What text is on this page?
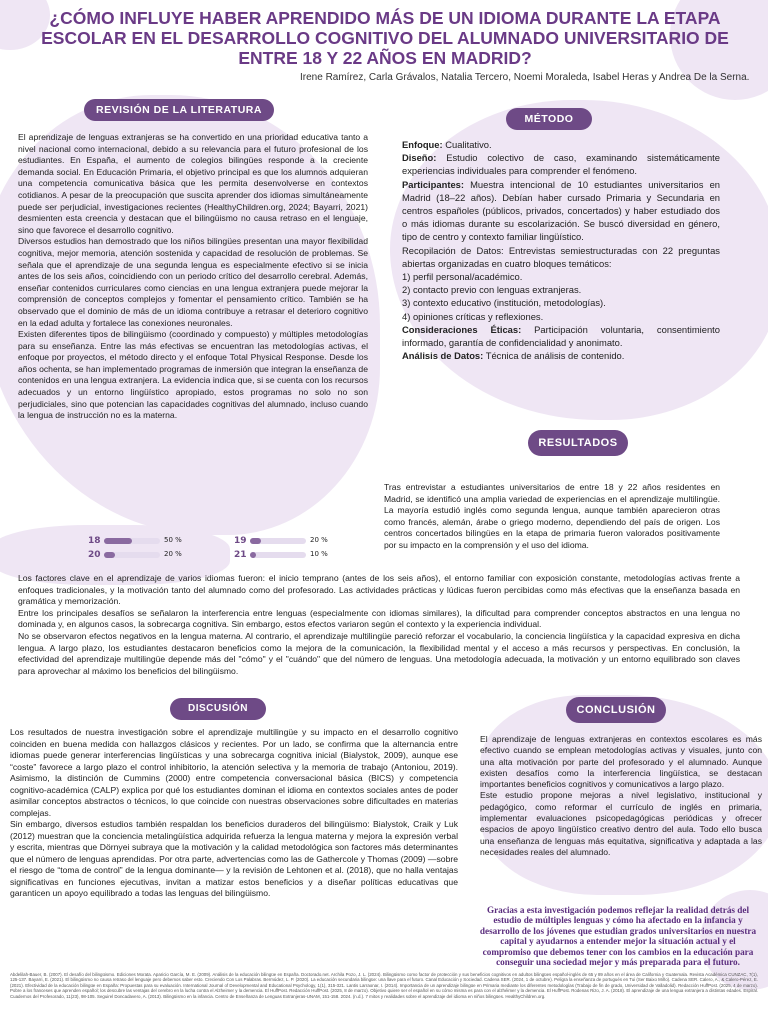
¿CÓMO INFLUYE HABER APRENDIDO MÁS DE UN IDIOMA DURANTE LA ETAPA ESCOLAR EN EL DESARROLLO COGNITIVO DEL ALUMNADO UNIVERSITARIO DE ENTRE 18 Y 22 AÑOS EN MADRID?
Irene Ramírez, Carla Grávalos, Natalia Tercero, Noemi Moraleda, Isabel Heras y Andrea De la Serna.
REVISIÓN DE LA LITERATURA

El aprendizaje de lenguas extranjeras se ha convertido en una prioridad educativa tanto a nivel nacional como internacional, debido a su relevancia para el futuro profesional de los estudiantes. En España, el aumento de colegios bilingües responde a la creciente demanda social. En Educación Primaria, el objetivo principal es que los alumnos adquieran una competencia comunicativa básica que les permita desenvolverse en contextos cotidianos. A pesar de la preocupación que suscita aprender dos idiomas simultáneamente puede ser perjudicial, investigaciones recientes (HealthyChildren.org, 2024; Bayarri, 2021) desmienten esta creencia y destacan que el bilingüismo no causa retraso en el lenguaje, sino que favorece el desarrollo cognitivo.

Diversos estudios han demostrado que los niños bilingües presentan una mayor flexibilidad cognitiva, mejor memoria, atención sostenida y capacidad de resolución de problemas. Se señala que el aprendizaje de una segunda lengua es especialmente efectivo si se inicia antes de los seis años, coincidiendo con un periodo crítico del desarrollo cerebral. Además, enseñar contenidos curriculares como ciencias en una lengua extranjera puede mejorar la comprensión de conceptos complejos y fomentar el pensamiento crítico. También se ha observado que el dominio de más de un idioma contribuye a retrasar el deterioro cognitivo en la edad adulta y fortalece las conexiones neuronales.

Existen diferentes tipos de bilingüismo (coordinado y compuesto) y múltiples metodologías para su enseñanza. Entre las más efectivas se encuentran las metodologías activas, el enfoque por proyectos, el método directo y el enfoque Total Physical Response. Desde los años ochenta, se han implementado programas de inmersión que integran la enseñanza de contenidos en una lengua extranjera. La evidencia indica que, si se cuenta con los recursos adecuados y un entorno lingüístico apropiado, estos programas no solo no son perjudiciales, sino que potencian las capacidades cognitivas del alumnado, incluso cuando la lengua de instrucción no es la materna.

MÉTODO

Enfoque: Cualitativo.

Diseño: Estudio colectivo de caso, examinando sistemáticamente experiencias individuales para comprender el fenómeno.

Participantes: Muestra intencional de 10 estudiantes universitarios en Madrid (18–22 años). Debían haber cursado Primaria y Secundaria en centros españoles (públicos, privados, concertados) y haber estudiado dos o más idiomas durante su escolarización. Se buscó diversidad en género, tipo de centro y contexto familiar lingüístico.

Recopilación de Datos: Entrevistas semiestructuradas con 22 preguntas abiertas organizadas en cuatro bloques temáticos:

1) perfil personal/académico.

2) contacto previo con lenguas extranjeras.

3) contexto educativo (institución, metodologías).

4) opiniones críticas y reflexiones.

Consideraciones Éticas: Participación voluntaria, consentimiento informado, garantía de confidencialidad y anonimato.

Análisis de Datos: Técnica de análisis de contenido.

RESULTADOS
Tras entrevistar a estudiantes universitarios de entre 18 y 22 años residentes en Madrid, se identificó una amplia variedad de experiencias en el aprendizaje multilingüe. La mayoría estudió inglés como segunda lengua, aunque también aparecieron otras como francés, alemán, árabe o griego moderno, dependiendo del país de origen. Los centros concertados bilingües en la etapa de primaria fueron valorados positivamente por su impacto en la comprensión y el uso del idioma.
18	50 %
20	20 %
19	20 %
21	10 %

Los factores clave en el aprendizaje de varios idiomas fueron: el inicio temprano (antes de los seis años), el entorno familiar con exposición constante, metodologías activas frente a enfoques tradicionales, y la motivación tanto del alumnado como del profesorado. Las actividades prácticas y lúdicas fueron percibidas como más efectivas que la enseñanza basada en gramática y memorización.

Entre los principales desafíos se señalaron la interferencia entre lenguas (especialmente con idiomas similares), la dificultad para comprender conceptos abstractos en una lengua no dominada y, en algunos casos, la sobrecarga cognitiva. Sin embargo, estos efectos variaron según el contexto y la experiencia individual.

No se observaron efectos negativos en la lengua materna. Al contrario, el aprendizaje multilingüe pareció reforzar el vocabulario, la conciencia lingüística y la capacidad expresiva en dicha lengua. A largo plazo, los estudiantes destacaron beneficios como la mejora de la comunicación, la flexibilidad mental y el acceso a más recursos y perspectivas. En conclusión, la efectividad del aprendizaje multilingüe depende más del "cómo" y el "cuándo" que del número de lenguas. Una metodología adecuada, la motivación y un entorno equilibrado son claves para aprovechar al máximo los beneficios del bilingüismo.

DISCUSIÓN

Los resultados de nuestra investigación sobre el aprendizaje multilingüe y su impacto en el desarrollo cognitivo coinciden en buena medida con hallazgos clásicos y recientes. Por un lado, se confirma que la alternancia entre idiomas puede generar interferencias lingüísticas y una sobrecarga cognitiva inicial (Bialystok, 2009), aunque ese “coste” favorece a largo plazo el control inhibitorio, la atención selectiva y la memoria de trabajo (Antoniou, 2019). Asimismo, la distinción de Cummins (2000) entre competencia conversacional básica (BICS) y competencia cognitivo-académica (CALP) explica por qué los estudiantes dominan el idioma en contextos sociales antes de poder asimilar conceptos abstractos o técnicos, lo que coincide con nuestras observaciones sobre dificultades en materias complejas.

Sin embargo, diversos estudios también respaldan los beneficios duraderos del bilingüismo: Bialystok, Craik y Luk (2012) muestran que la conciencia metalingüística adquirida refuerza la lengua materna y mejora la expresión verbal y escrita, mientras que Dörnyei subraya que la motivación y la calidad metodológica son factores más determinantes que el número de lenguas aprendidas. Por otra parte, advertencias como las de Gathercole y Thomas (2009) —sobre el riesgo de “toma de control” de la lengua dominante— y la revisión de Lehtonen et al. (2018), que no halla ventajas significativas en funciones ejecutivas, invitan a matizar estos beneficios y a diseñar políticas educativas que garanticen un apoyo equilibrado a todas las lenguas del bilingüismo.

CONCLUSIÓN

El aprendizaje de lenguas extranjeras en contextos escolares es más efectivo cuando se emplean metodologías activas y visuales, junto con una alta motivación por parte del profesorado y el alumnado. Aunque existen desafíos como la interferencia lingüística, se destacan importantes beneficios cognitivos y comunicativos a largo plazo.

Este estudio propone mejoras a nivel legislativo, institucional y pedagógico, como reformar el currículo de inglés en primaria, implementar evaluaciones psicopedagógicas periódicas y ofrecer espacios de apoyo lingüístico creativo dentro del aula. Todo ello busca una enseñanza de lenguas más equitativa, significativa y adaptada a las necesidades reales del alumnado.

Gracias a esta investigación podemos reflejar la realidad detrás del estudio de múltiples lenguas y cómo ha afectado en la infancia y desarrollo de los jóvenes que estudian grados universitarios en nuestra capital y ayudarnos a entender mejor la situación actual y el compromiso que debemos tener con los cambios en la educación para conseguir una sociedad mejor y más preparada para el futuro.
Abdelilah-Bauer, B. (2007). El desafío del bilingüismo. Ediciones Morata. Aparicio García, M. E. (2009). Análisis de la educación bilingüe en España. Doctorado.net. Archila Pozo, J. L. (2024). Bilingüismo como factor de protección y sus beneficios cognitivos en adultos bilingües español-inglés de 65 y 89 años en el área de California y Guatemala. Revista Académica CUNZAC, 7(1), 125-137. Bayarri, E. (2021). El bilingüismo no causa retraso del lenguaje pero debemos saber esto. Creciendo Con Los Palabras. Bermúdez, L. P. (2020). La educación secundaria bilingüe: una llave para el futuro. Canal Educación y Sociedad. Cadena SER. (2024, 1 de octubre). Peligra la enseñanza de portugués en Tui (Ser Baixo Miño). Cadena SER. Calero, A., & Calero-Pérez, E. (2021). Efectividad de la educación bilingüe en España: Propuestas para su evaluación. International Journal of Developmental and Educational Psychology, 1(1), 315-321. Lantis Larraonar, I. (2014). Importancia de un aprendizaje bilingüe en Primaria mediante los diferentes metodologías (Trabajo de fin de grado, Universidad de Valladolid). Redacción HuffPost. (2025, 4 de marzo). Pobre a los franceses que aprenden español; los descubre las ventajas del cerebro en la lucha contra el Alzheimer y la demencia. El HuffPost. Redacción HuffPost. (2025, 8 de marzo). Objetivo quiere ser el español en su cómo misma es para con el alzhéimer y la demencia. El HuffPost. Rodenas Rizo, J. A. (2018). El aprendizaje de una lengua extranjera a distintas edades. Espiral. Cuadernos del Profesorado, 11(23), 98-105. Seguirel Doncadavero, A. (2013). Bilingüismo en la infancia. Centro de Enseñanza de Lenguas Extranjeras-UNAM, 151-158. 2024. (n.d.). 7 mitos y realidades sobre el aprendizaje del idioma en niños bilingües. HealthyChildren.org.
